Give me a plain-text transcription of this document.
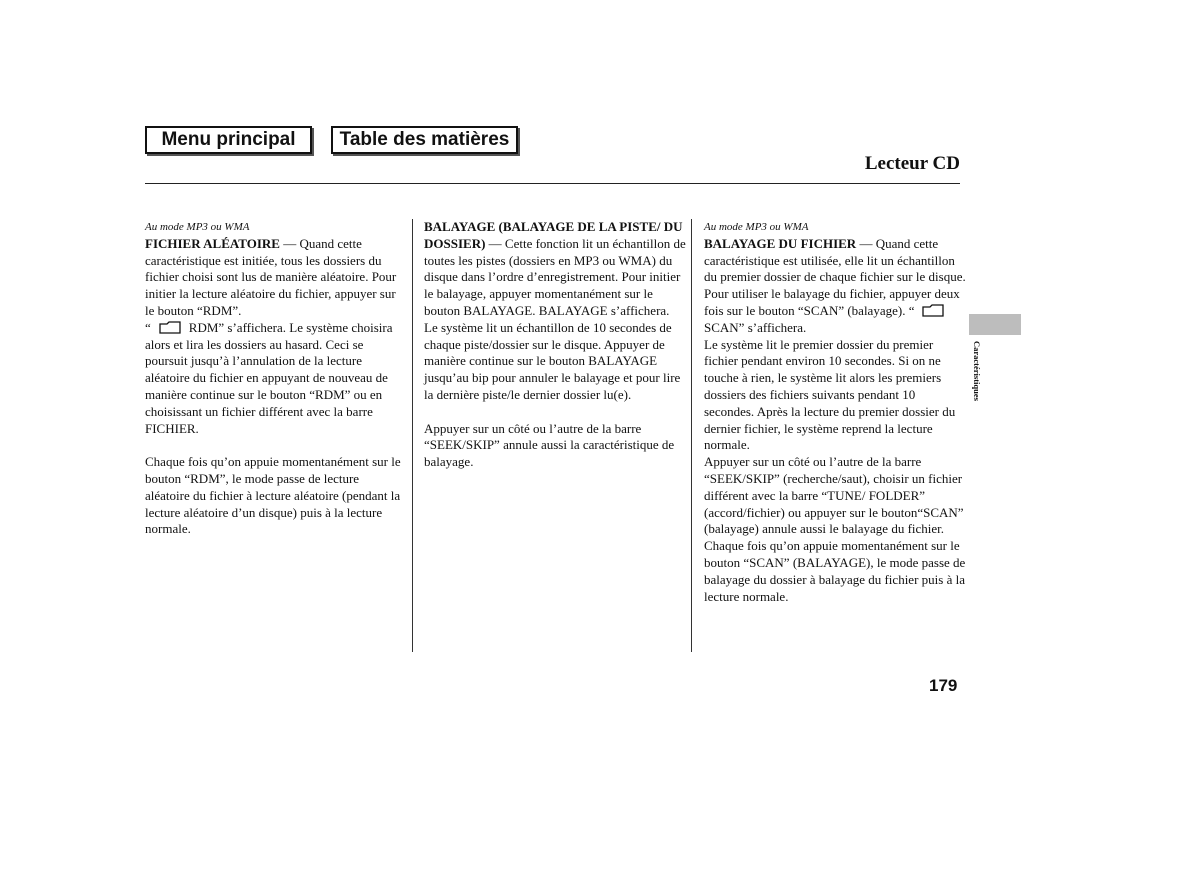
Menu principal	Table des matières
Lecteur CD
Au mode MP3 ou WMA

FICHIER ALÉATOIRE — Quand cette caractéristique est initiée, tous les dossiers du fichier choisi sont lus de manière aléatoire. Pour initier la lecture aléatoire du fichier, appuyer sur le bouton “RDM”.
“	RDM” s’affichera. Le système choisira alors et lira les dossiers au hasard. Ceci se poursuit jusqu’à l’annulation de la lecture aléatoire du fichier en appuyant de nouveau de manière continue sur le bouton “RDM” ou en choisissant un fichier différent avec la barre FICHIER.

Chaque fois qu’on appuie momentanément sur le bouton “RDM”, le mode passe de lecture aléatoire du fichier à lecture aléatoire (pendant la lecture aléatoire d’un disque) puis à la lecture normale.

BALAYAGE (BALAYAGE DE LA PISTE/ DU DOSSIER) — Cette fonction lit un échantillon de toutes les pistes (dossiers en MP3 ou WMA) du disque dans l’ordre d’enregistrement. Pour initier le balayage, appuyer momentanément sur le bouton BALAYAGE. BALAYAGE s’affichera. Le système lit un échantillon de 10 secondes de chaque piste/dossier sur le disque. Appuyer de manière continue sur le bouton BALAYAGE jusqu’au bip pour annuler le balayage et pour lire la dernière piste/le dernier dossier lu(e).

Appuyer sur un côté ou l’autre de la barre “SEEK/SKIP” annule aussi la caractéristique de balayage.

Au mode MP3 ou WMA

BALAYAGE DU FICHIER — Quand cette caractéristique est utilisée, elle lit un échantillon du premier dossier de chaque fichier sur le disque. Pour utiliser le balayage du fichier, appuyer deux fois sur le bouton “SCAN” (balayage). “SCAN” s’affichera.

Le système lit le premier dossier du premier fichier pendant environ 10 secondes. Si on ne touche à rien, le système lit alors les premiers dossiers des fichiers suivants pendant 10 secondes. Après la lecture du premier dossier du dernier fichier, le système reprend la lecture normale.

Appuyer sur un côté ou l’autre de la barre “SEEK/SKIP” (recherche/saut), choisir un fichier différent avec la barre “TUNE/ FOLDER” (accord/fichier) ou appuyer sur le bouton“SCAN” (balayage) annule aussi le balayage du fichier.

Chaque fois qu’on appuie momentanément sur le bouton “SCAN” (BALAYAGE), le mode passe de balayage du dossier à balayage du fichier puis à la lecture normale.

Caractéristiques
179
